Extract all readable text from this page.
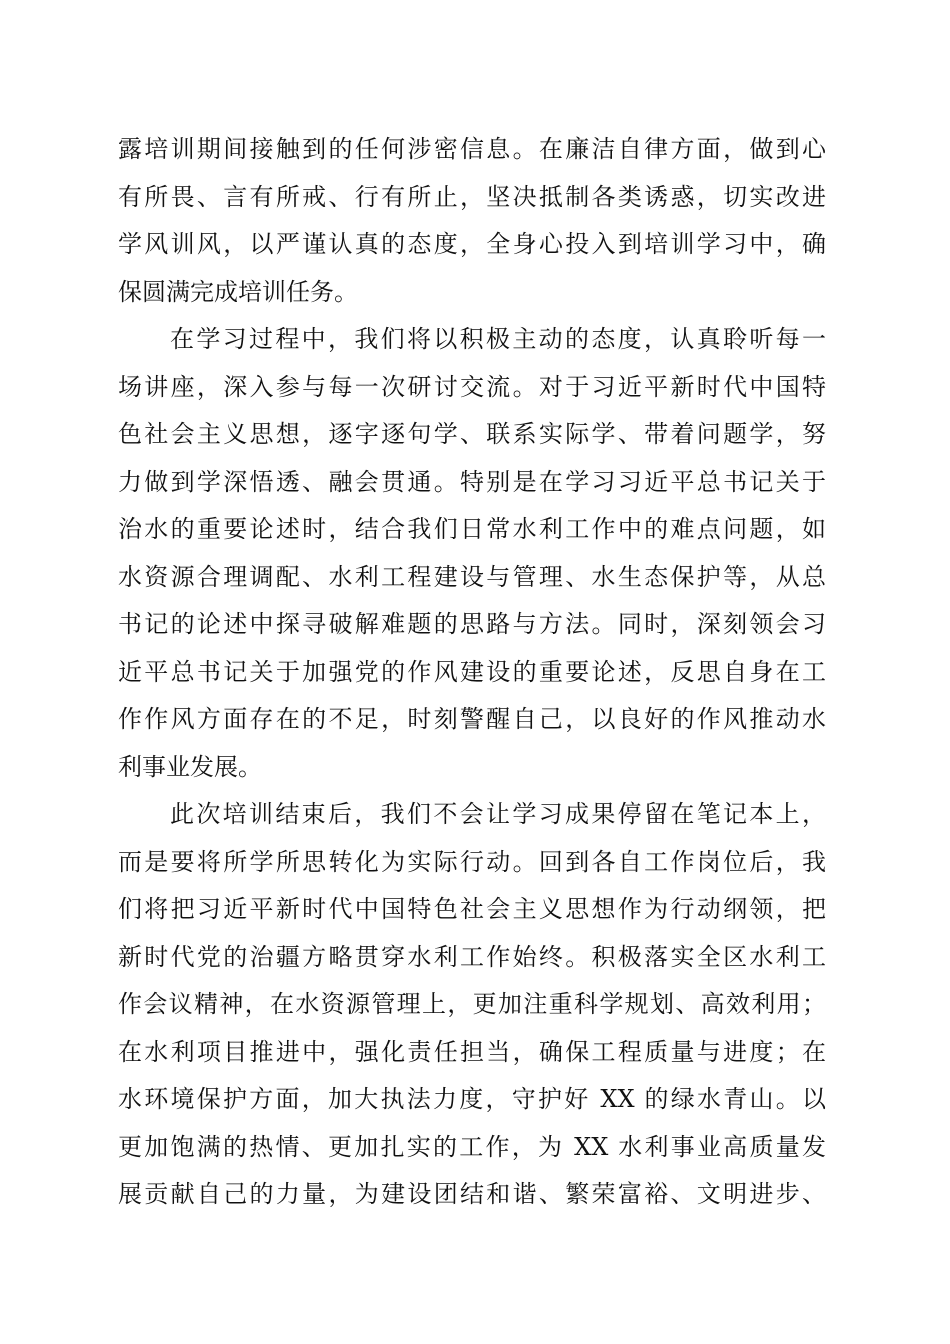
露培训期间接触到的任何涉密信息。在廉洁自律方面，做到心
有所畏、言有所戒、行有所止，坚决抵制各类诱惑，切实改进
学风训风，以严谨认真的态度，全身心投入到培训学习中，确
保圆满完成培训任务。
在学习过程中，我们将以积极主动的态度，认真聆听每一
场讲座，深入参与每一次研讨交流。对于习近平新时代中国特
色社会主义思想，逐字逐句学、联系实际学、带着问题学，努
力做到学深悟透、融会贯通。特别是在学习习近平总书记关于
治水的重要论述时，结合我们日常水利工作中的难点问题，如
水资源合理调配、水利工程建设与管理、水生态保护等，从总
书记的论述中探寻破解难题的思路与方法。同时，深刻领会习
近平总书记关于加强党的作风建设的重要论述，反思自身在工
作作风方面存在的不足，时刻警醒自己，以良好的作风推动水
利事业发展。
此次培训结束后，我们不会让学习成果停留在笔记本上，
而是要将所学所思转化为实际行动。回到各自工作岗位后，我
们将把习近平新时代中国特色社会主义思想作为行动纲领，把
新时代党的治疆方略贯穿水利工作始终。积极落实全区水利工
作会议精神，在水资源管理上，更加注重科学规划、高效利用；
在水利项目推进中，强化责任担当，确保工程质量与进度；在
水环境保护方面，加大执法力度，守护好 XX 的绿水青山。以
更加饱满的热情、更加扎实的工作，为 XX 水利事业高质量发
展贡献自己的力量，为建设团结和谐、繁荣富裕、文明进步、
